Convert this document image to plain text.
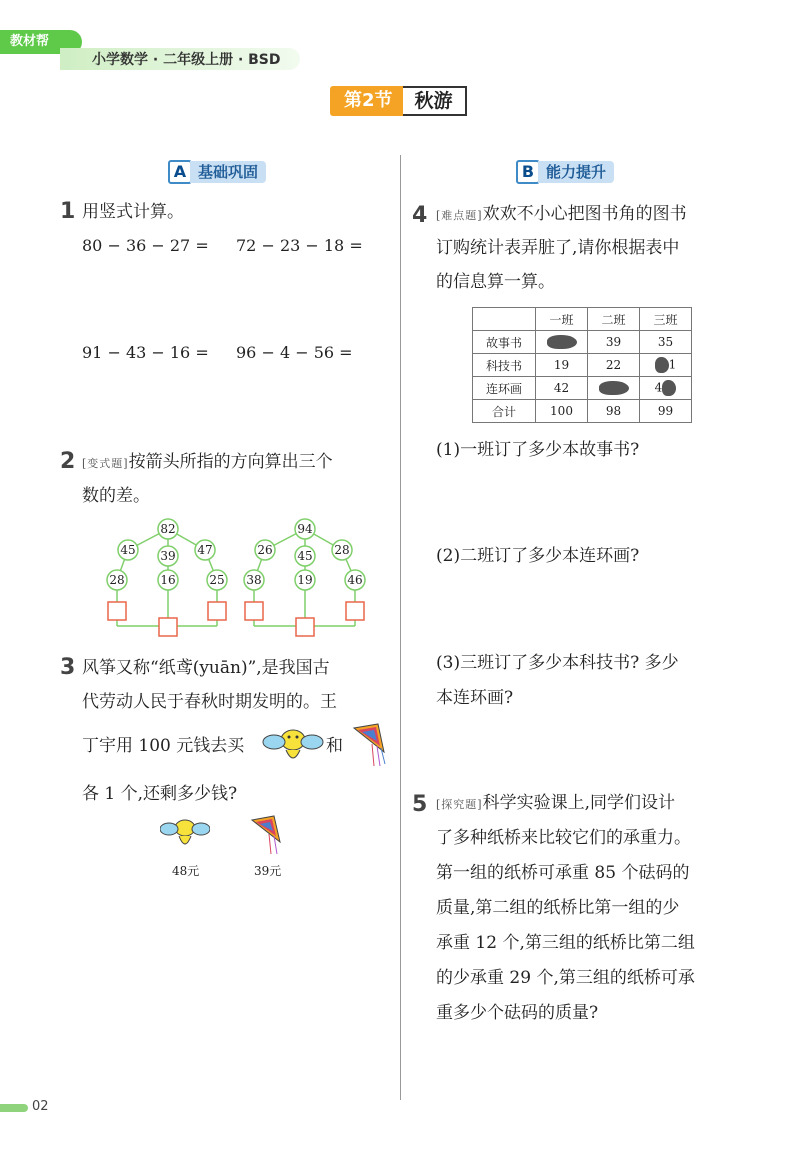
教材帮
小学数学 · 二年级上册 · BSD
第2节	秋游
A 基础巩固	B 能力提升
1 用竖式计算。
80 − 36 − 27 = 72 − 23 − 18 =
91 − 43 − 16 = 96 − 4 − 56 =
2 [变式题]按箭头所指的方向算出三个
数的差。
82
45 39 47
28	16	25
94
26 45 28
38	19	46
3 风筝又称“纸鸢(yuān)”,是我国古
代劳动人民于春秋时期发明的。王
丁宇用 100 元钱去买	和
各 1 个,还剩多少钱?
48元	39元
4 [难点题]欢欢不小心把图书角的图书
订购统计表弄脏了,请你根据表中
的信息算一算。
	一班	二班	三班
故事书		39	35
科技书	19	22	1
连环画	42		4
合计	100	98	99
(1)一班订了多少本故事书?
(2)二班订了多少本连环画?
(3)三班订了多少本科技书? 多少
本连环画?
5 [探究题]科学实验课上,同学们设计
了多种纸桥来比较它们的承重力。
第一组的纸桥可承重 85 个砝码的
质量,第二组的纸桥比第一组的少
承重 12 个,第三组的纸桥比第二组
的少承重 29 个,第三组的纸桥可承
重多少个砝码的质量?
02
